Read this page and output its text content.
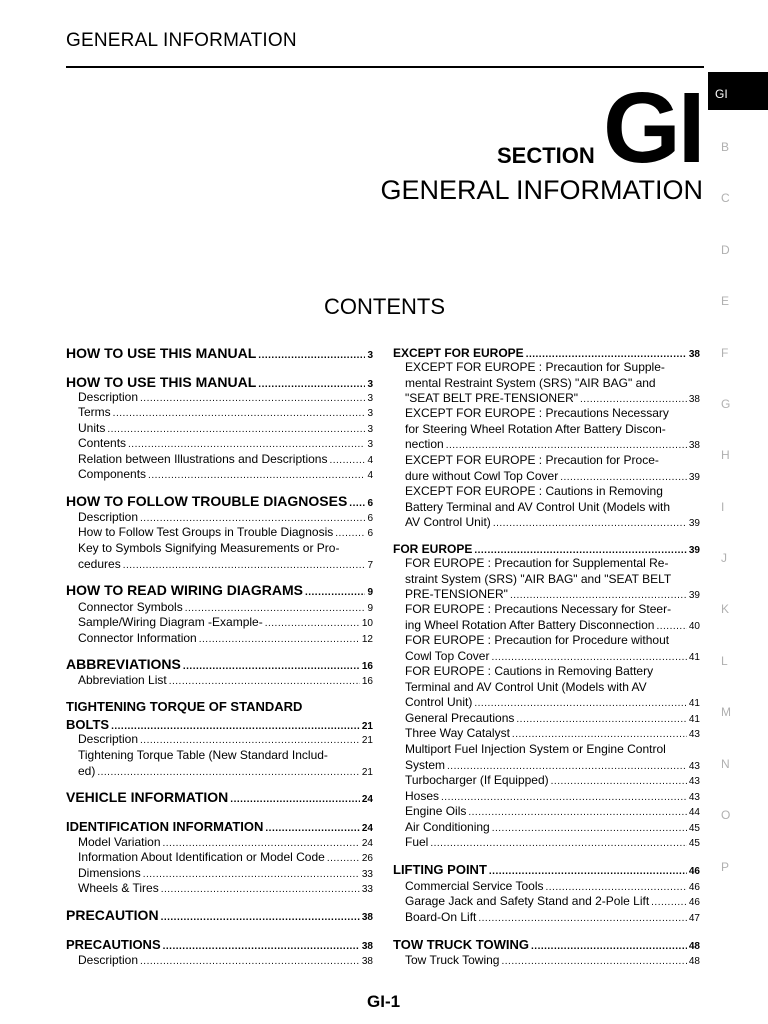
GENERAL INFORMATION
SECTION GI
GENERAL INFORMATION
CONTENTS
GI
B
C
D
E
F
G
H
I
J
K
L
M
N
O
P
HOW TO USE THIS MANUAL .....	3
HOW TO USE THIS MANUAL .....	3
Description .....	3
Terms .....	3
Units .....	3
Contents .....	3
Relation between Illustrations and Descriptions .....	4
Components .....	4
HOW TO FOLLOW TROUBLE DIAGNOSES ..... 6
Description .....	6
How to Follow Test Groups in Trouble Diagnosis .....	6
Key to Symbols Signifying Measurements or Pro-
cedures .....	7
HOW TO READ WIRING DIAGRAMS .....	9
Connector Symbols .....	9
Sample/Wiring Diagram -Example- .....	10
Connector Information .....	12
ABBREVIATIONS .....	16
Abbreviation List .....	16
TIGHTENING TORQUE OF STANDARD
BOLTS .....	21
Description .....	21
Tightening Torque Table (New Standard Includ-
ed) .....	21
VEHICLE INFORMATION .....	24
IDENTIFICATION INFORMATION .....	24
Model Variation .....	24
Information About Identification or Model Code .....	26
Dimensions .....	33
Wheels & Tires .....	33
PRECAUTION .....	38
PRECAUTIONS .....	38
Description .....	38
EXCEPT FOR EUROPE .....	38
EXCEPT FOR EUROPE : Precaution for Supple-
mental Restraint System (SRS) "AIR BAG" and
"SEAT BELT PRE-TENSIONER" .....	38
EXCEPT FOR EUROPE : Precautions Necessary
for Steering Wheel Rotation After Battery Discon-
nection .....	38
EXCEPT FOR EUROPE : Precaution for Proce-
dure without Cowl Top Cover .....	39
EXCEPT FOR EUROPE : Cautions in Removing
Battery Terminal and AV Control Unit (Models with
AV Control Unit) .....	39
FOR EUROPE .....	39
FOR EUROPE : Precaution for Supplemental Re-
straint System (SRS) "AIR BAG" and "SEAT BELT
PRE-TENSIONER" .....	39
FOR EUROPE : Precautions Necessary for Steer-
ing Wheel Rotation After Battery Disconnection .....	40
FOR EUROPE : Precaution for Procedure without
Cowl Top Cover .....	41
FOR EUROPE : Cautions in Removing Battery
Terminal and AV Control Unit (Models with AV
Control Unit) .....	41
General Precautions .....	41
Three Way Catalyst .....	43
Multiport Fuel Injection System or Engine Control
System .....	43
Turbocharger (If Equipped) .....	43
Hoses .....	43
Engine Oils .....	44
Air Conditioning .....	45
Fuel .....	45
LIFTING POINT .....	46
Commercial Service Tools .....	46
Garage Jack and Safety Stand and 2-Pole Lift .....	46
Board-On Lift .....	47
TOW TRUCK TOWING .....	48
Tow Truck Towing .....	48
GI-1
